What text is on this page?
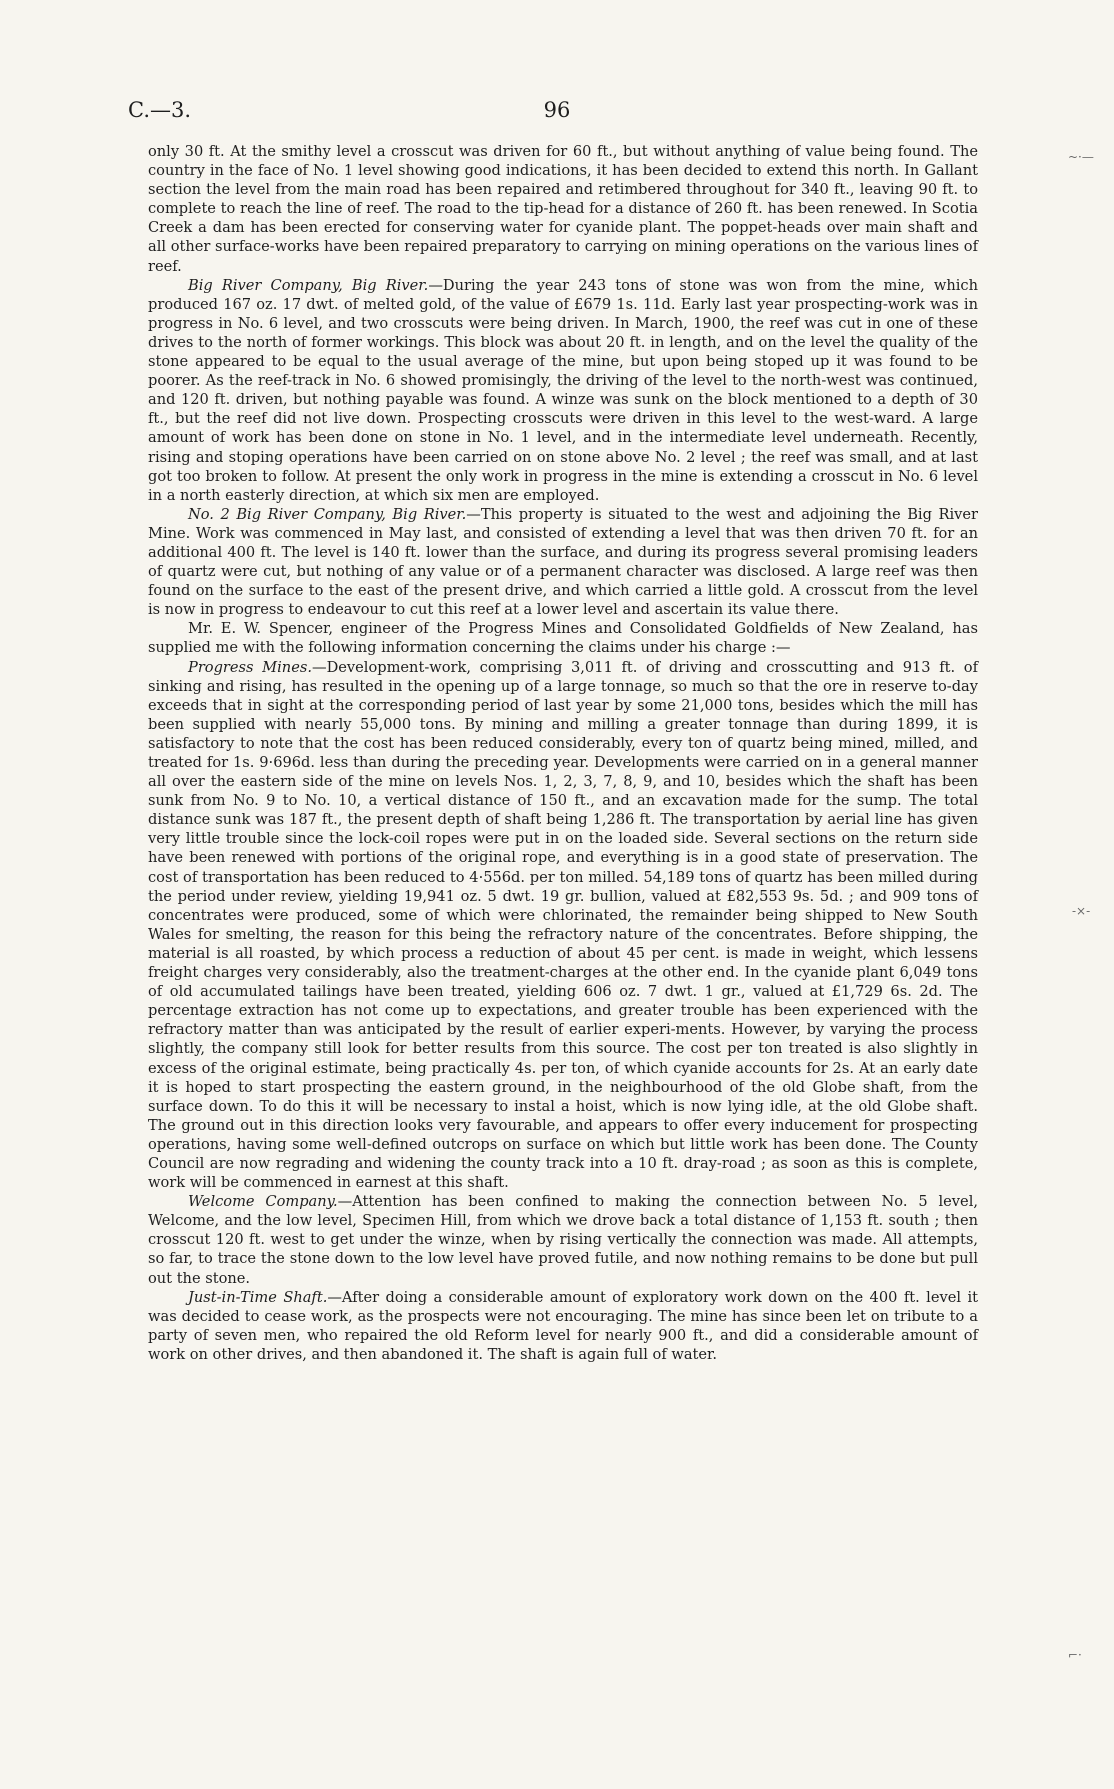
C.—3.	96
~·—
-×-
⌐·

only 30 ft. At the smithy level a crosscut was driven for 60 ft., but without anything of value being found. The country in the face of No. 1 level showing good indications, it has been decided to extend this north. In Gallant section the level from the main road has been repaired and retimbered throughout for 340 ft., leaving 90 ft. to complete to reach the line of reef. The road to the tip-head for a distance of 260 ft. has been renewed. In Scotia Creek a dam has been erected for conserving water for cyanide plant. The poppet-heads over main shaft and all other surface-works have been repaired preparatory to carrying on mining operations on the various lines of reef.

Big River Company, Big River.—During the year 243 tons of stone was won from the mine, which produced 167 oz. 17 dwt. of melted gold, of the value of £679 1s. 11d. Early last year prospecting-work was in progress in No. 6 level, and two crosscuts were being driven. In March, 1900, the reef was cut in one of these drives to the north of former workings. This block was about 20 ft. in length, and on the level the quality of the stone appeared to be equal to the usual average of the mine, but upon being stoped up it was found to be poorer. As the reef-track in No. 6 showed promisingly, the driving of the level to the north-west was continued, and 120 ft. driven, but nothing payable was found. A winze was sunk on the block mentioned to a depth of 30 ft., but the reef did not live down. Prospecting crosscuts were driven in this level to the west-ward. A large amount of work has been done on stone in No. 1 level, and in the intermediate level underneath. Recently, rising and stoping operations have been carried on on stone above No. 2 level ; the reef was small, and at last got too broken to follow. At present the only work in progress in the mine is extending a crosscut in No. 6 level in a north easterly direction, at which six men are employed.

No. 2 Big River Company, Big River.—This property is situated to the west and adjoining the Big River Mine. Work was commenced in May last, and consisted of extending a level that was then driven 70 ft. for an additional 400 ft. The level is 140 ft. lower than the surface, and during its progress several promising leaders of quartz were cut, but nothing of any value or of a permanent character was disclosed. A large reef was then found on the surface to the east of the present drive, and which carried a little gold. A crosscut from the level is now in progress to endeavour to cut this reef at a lower level and ascertain its value there.

Mr. E. W. Spencer, engineer of the Progress Mines and Consolidated Goldfields of New Zealand, has supplied me with the following information concerning the claims under his charge :—

Progress Mines.—Development-work, comprising 3,011 ft. of driving and crosscutting and 913 ft. of sinking and rising, has resulted in the opening up of a large tonnage, so much so that the ore in reserve to-day exceeds that in sight at the corresponding period of last year by some 21,000 tons, besides which the mill has been supplied with nearly 55,000 tons. By mining and milling a greater tonnage than during 1899, it is satisfactory to note that the cost has been reduced considerably, every ton of quartz being mined, milled, and treated for 1s. 9·696d. less than during the preceding year. Developments were carried on in a general manner all over the eastern side of the mine on levels Nos. 1, 2, 3, 7, 8, 9, and 10, besides which the shaft has been sunk from No. 9 to No. 10, a vertical distance of 150 ft., and an excavation made for the sump. The total distance sunk was 187 ft., the present depth of shaft being 1,286 ft. The transportation by aerial line has given very little trouble since the lock-coil ropes were put in on the loaded side. Several sections on the return side have been renewed with portions of the original rope, and everything is in a good state of preservation. The cost of transportation has been reduced to 4·556d. per ton milled. 54,189 tons of quartz has been milled during the period under review, yielding 19,941 oz. 5 dwt. 19 gr. bullion, valued at £82,553 9s. 5d. ; and 909 tons of concentrates were produced, some of which were chlorinated, the remainder being shipped to New South Wales for smelting, the reason for this being the refractory nature of the concentrates. Before shipping, the material is all roasted, by which process a reduction of about 45 per cent. is made in weight, which lessens freight charges very considerably, also the treatment-charges at the other end. In the cyanide plant 6,049 tons of old accumulated tailings have been treated, yielding 606 oz. 7 dwt. 1 gr., valued at £1,729 6s. 2d. The percentage extraction has not come up to expectations, and greater trouble has been experienced with the refractory matter than was anticipated by the result of earlier experi-ments. However, by varying the process slightly, the company still look for better results from this source. The cost per ton treated is also slightly in excess of the original estimate, being practically 4s. per ton, of which cyanide accounts for 2s. At an early date it is hoped to start prospecting the eastern ground, in the neighbourhood of the old Globe shaft, from the surface down. To do this it will be necessary to instal a hoist, which is now lying idle, at the old Globe shaft. The ground out in this direction looks very favourable, and appears to offer every inducement for prospecting operations, having some well-defined outcrops on surface on which but little work has been done. The County Council are now regrading and widening the county track into a 10 ft. dray-road ; as soon as this is complete, work will be commenced in earnest at this shaft.

Welcome Company.—Attention has been confined to making the connection between No. 5 level, Welcome, and the low level, Specimen Hill, from which we drove back a total distance of 1,153 ft. south ; then crosscut 120 ft. west to get under the winze, when by rising vertically the connection was made. All attempts, so far, to trace the stone down to the low level have proved futile, and now nothing remains to be done but pull out the stone.

Just-in-Time Shaft.—After doing a considerable amount of exploratory work down on the 400 ft. level it was decided to cease work, as the prospects were not encouraging. The mine has since been let on tribute to a party of seven men, who repaired the old Reform level for nearly 900 ft., and did a considerable amount of work on other drives, and then abandoned it. The shaft is again full of water.
